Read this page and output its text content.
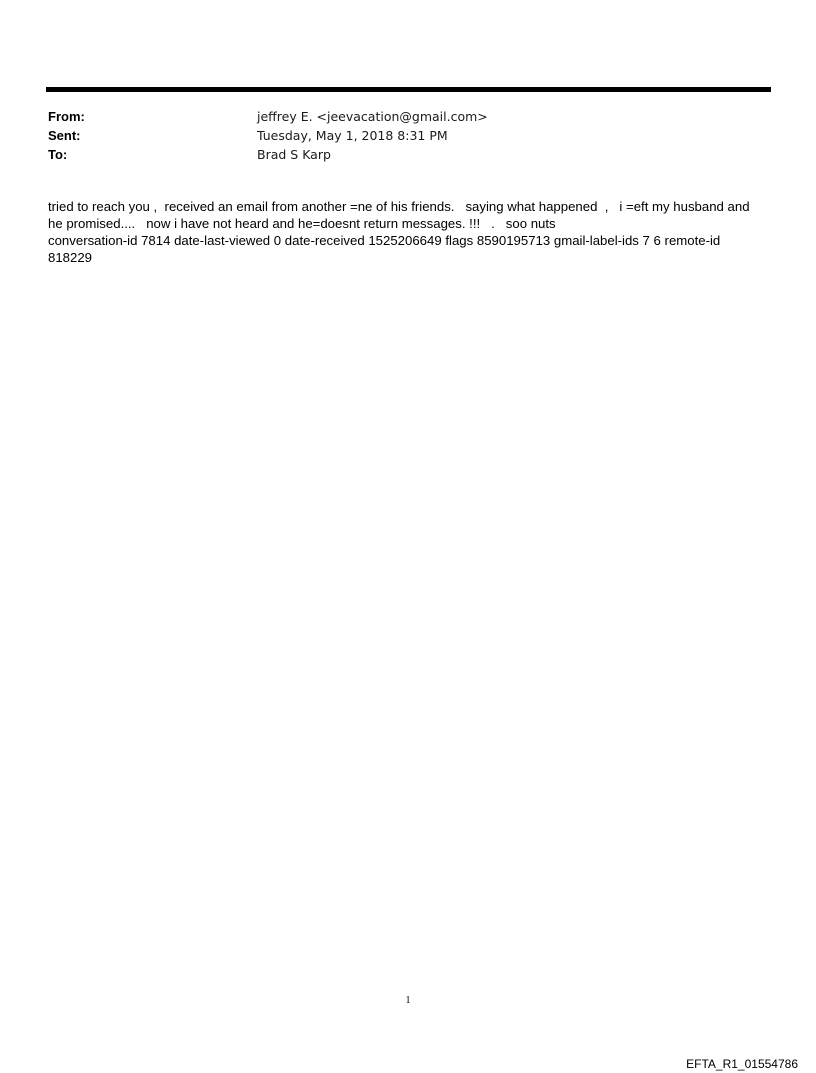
From:	jeffrey E. <jeevacation@gmail.com>
Sent:	Tuesday, May 1, 2018 8:31 PM
To:	Brad S Karp

tried to reach you ,  received an email from another =ne of his friends.   saying what happened  ,   i =eft my husband and

he promised....   now i have not heard and he=doesnt return messages. !!!   .   soo nuts

conversation-id 7814 date-last-viewed 0 date-received 1525206649 flags 8590195713 gmail-label-ids 7 6 remote-id

818229

1
EFTA_R1_01554786
